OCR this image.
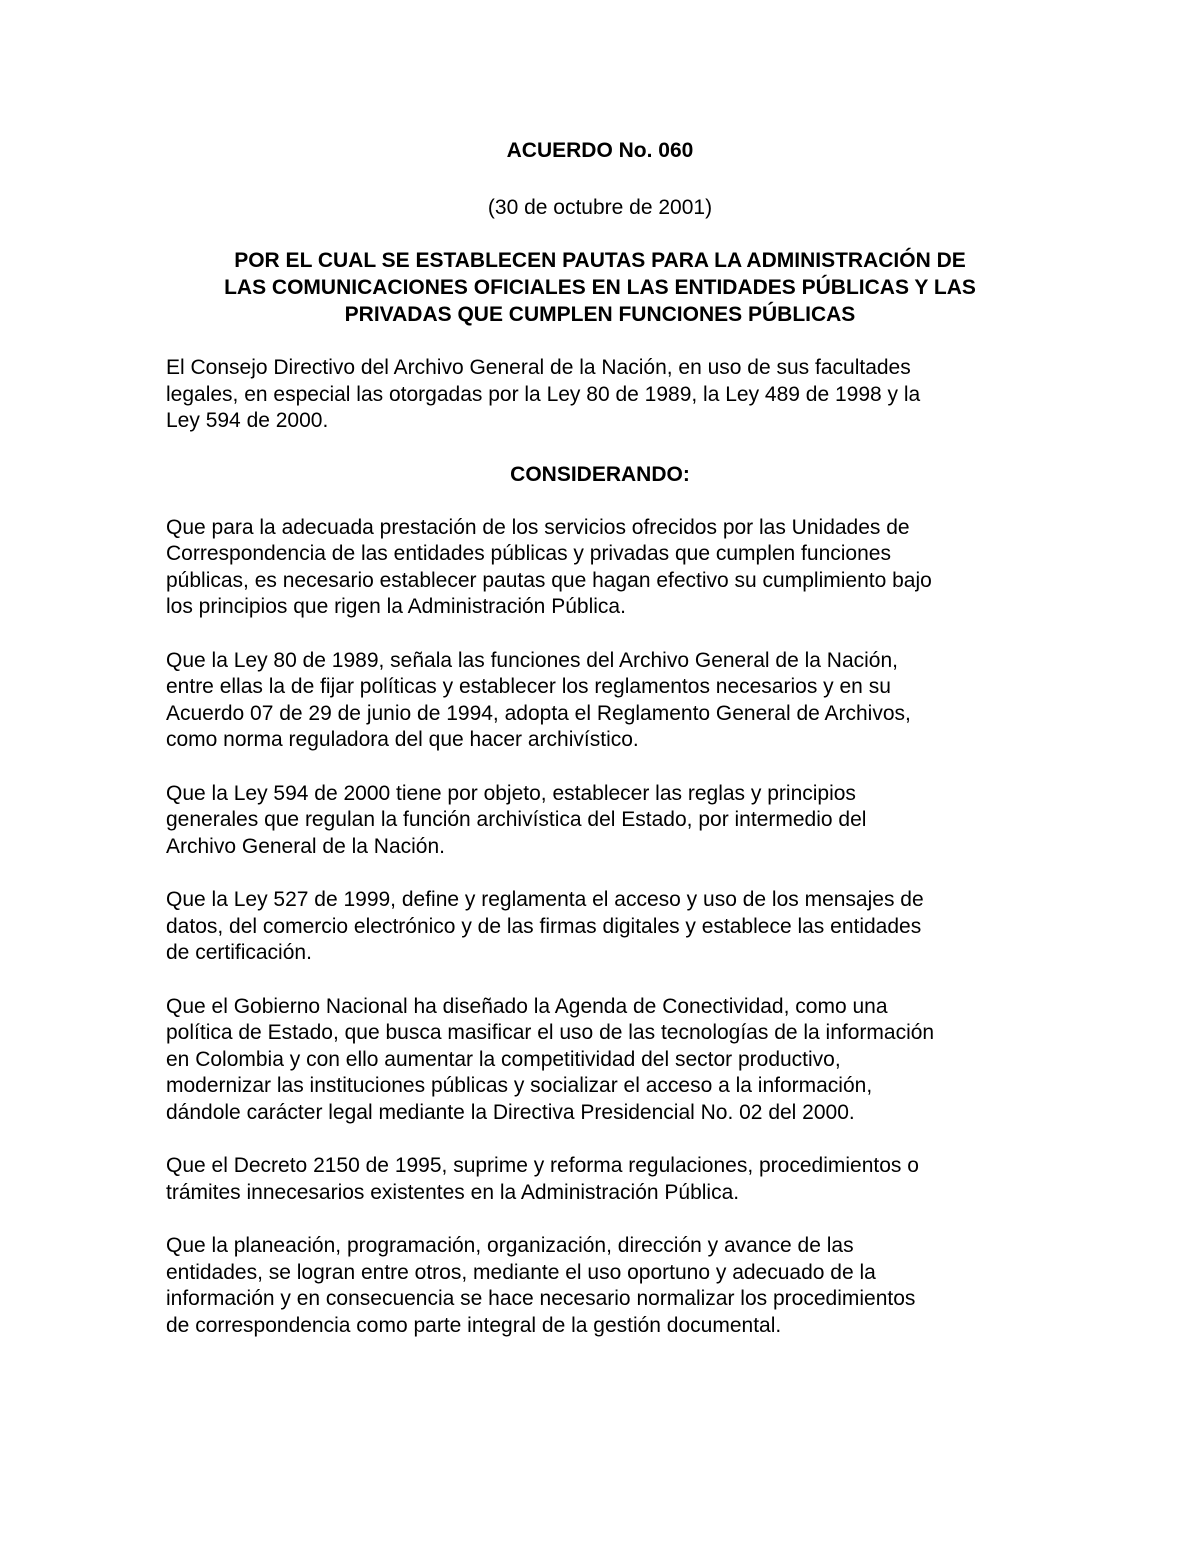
ACUERDO No. 060
(30 de octubre de 2001)
POR EL CUAL SE ESTABLECEN PAUTAS PARA LA ADMINISTRACIÓN DE
LAS COMUNICACIONES OFICIALES EN LAS ENTIDADES PÚBLICAS Y LAS
PRIVADAS QUE CUMPLEN FUNCIONES PÚBLICAS
El Consejo Directivo del Archivo General de la Nación, en uso de sus facultades
legales, en especial las otorgadas por la Ley 80 de 1989, la Ley 489 de 1998 y la
Ley 594 de 2000.
CONSIDERANDO:
Que para la adecuada prestación de los servicios ofrecidos por las Unidades de
Correspondencia de las entidades públicas y privadas que cumplen funciones
públicas, es necesario establecer pautas que hagan efectivo su cumplimiento bajo
los principios que rigen la Administración Pública.
Que la Ley 80 de 1989, señala las funciones del Archivo General de la Nación,
entre ellas la de fijar políticas y establecer los reglamentos necesarios y en su
Acuerdo 07 de 29 de junio de 1994, adopta el Reglamento General de Archivos,
como norma reguladora del que hacer archivístico.
Que la Ley 594 de 2000 tiene por objeto, establecer las reglas y principios
generales que regulan la función archivística del Estado, por intermedio del
Archivo General de la Nación.
Que la Ley 527 de 1999, define y reglamenta el acceso y uso de los mensajes de
datos, del comercio electrónico y de las firmas digitales y establece las entidades
de certificación.
Que el Gobierno Nacional ha diseñado la Agenda de Conectividad, como una
política de Estado, que busca masificar el uso de las tecnologías de la información
en Colombia y con ello aumentar la competitividad del sector productivo,
modernizar las instituciones públicas y socializar el acceso a la información,
dándole carácter legal mediante la Directiva Presidencial No. 02 del 2000.
Que el Decreto 2150 de 1995, suprime y reforma regulaciones, procedimientos o
trámites innecesarios existentes en la Administración Pública.
Que la planeación, programación, organización, dirección y avance de las
entidades, se logran entre otros, mediante el uso oportuno y adecuado de la
información y en consecuencia se hace necesario normalizar los procedimientos
de correspondencia como parte integral de la gestión documental.
